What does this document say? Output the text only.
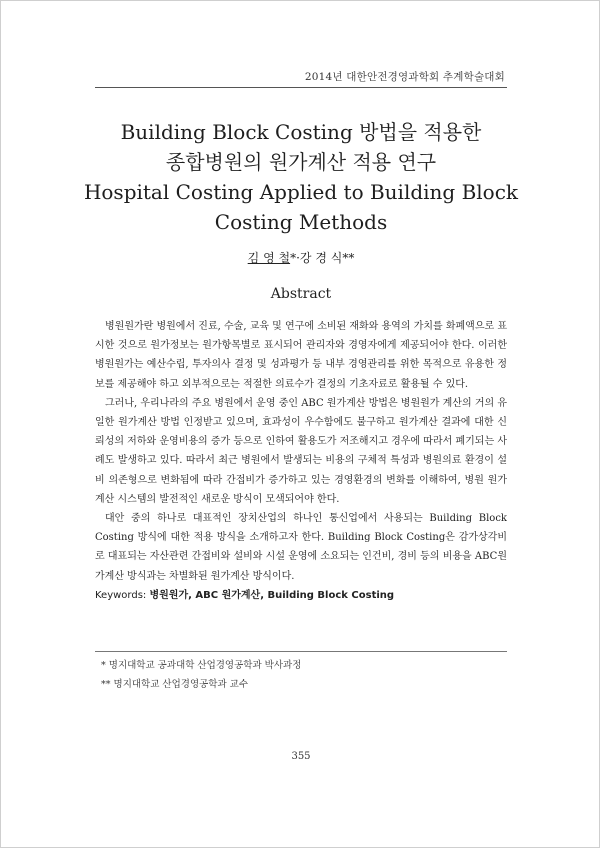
2014년 대한안전경영과학회 추계학술대회
Building Block Costing 방법을 적용한
종합병원의 원가계산 적용 연구
Hospital Costing Applied to Building Block
Costing Methods
김 영 철*·강 경 식**
Abstract

병원원가란 병원에서 진료, 수술, 교육 및 연구에 소비된 재화와 용역의 가치를 화폐액으로 표시한 것으로 원가정보는 원가항목별로 표시되어 관리자와 경영자에게 제공되어야 한다. 이러한 병원원가는 예산수립, 투자의사 결정 및 성과평가 등 내부 경영관리를 위한 목적으로 유용한 정보를 제공해야 하고 외부적으로는 적절한 의료수가 결정의 기초자료로 활용될 수 있다.

그러나, 우리나라의 주요 병원에서 운영 중인 ABC 원가계산 방법은 병원원가 계산의 거의 유일한 원가계산 방법 인정받고 있으며, 효과성이 우수함에도 불구하고 원가계산 결과에 대한 신뢰성의 저하와 운영비용의 증가 등으로 인하여 활용도가 저조해지고 경우에 따라서 폐기되는 사례도 발생하고 있다. 따라서 최근 병원에서 발생되는 비용의 구체적 특성과 병원의료 환경이 설비 의존형으로 변화됨에 따라 간접비가 증가하고 있는 경영환경의 변화를 이해하여, 병원 원가계산 시스템의 발전적인 새로운 방식이 모색되어야 한다.

대안 중의 하나로 대표적인 장치산업의 하나인 통신업에서 사용되는 Building Block Costing 방식에 대한 적용 방식을 소개하고자 한다. Building Block Costing은 감가상각비로 대표되는 자산관련 간접비와 설비와 시설 운영에 소요되는 인건비, 경비 등의 비용을 ABC원가계산 방식과는 차별화된 원가계산 방식이다.

Keywords: 병원원가, ABC 원가계산, Building Block Costing
* 명지대학교 공과대학 산업경영공학과 박사과정
** 명지대학교 산업경영공학과 교수
355
